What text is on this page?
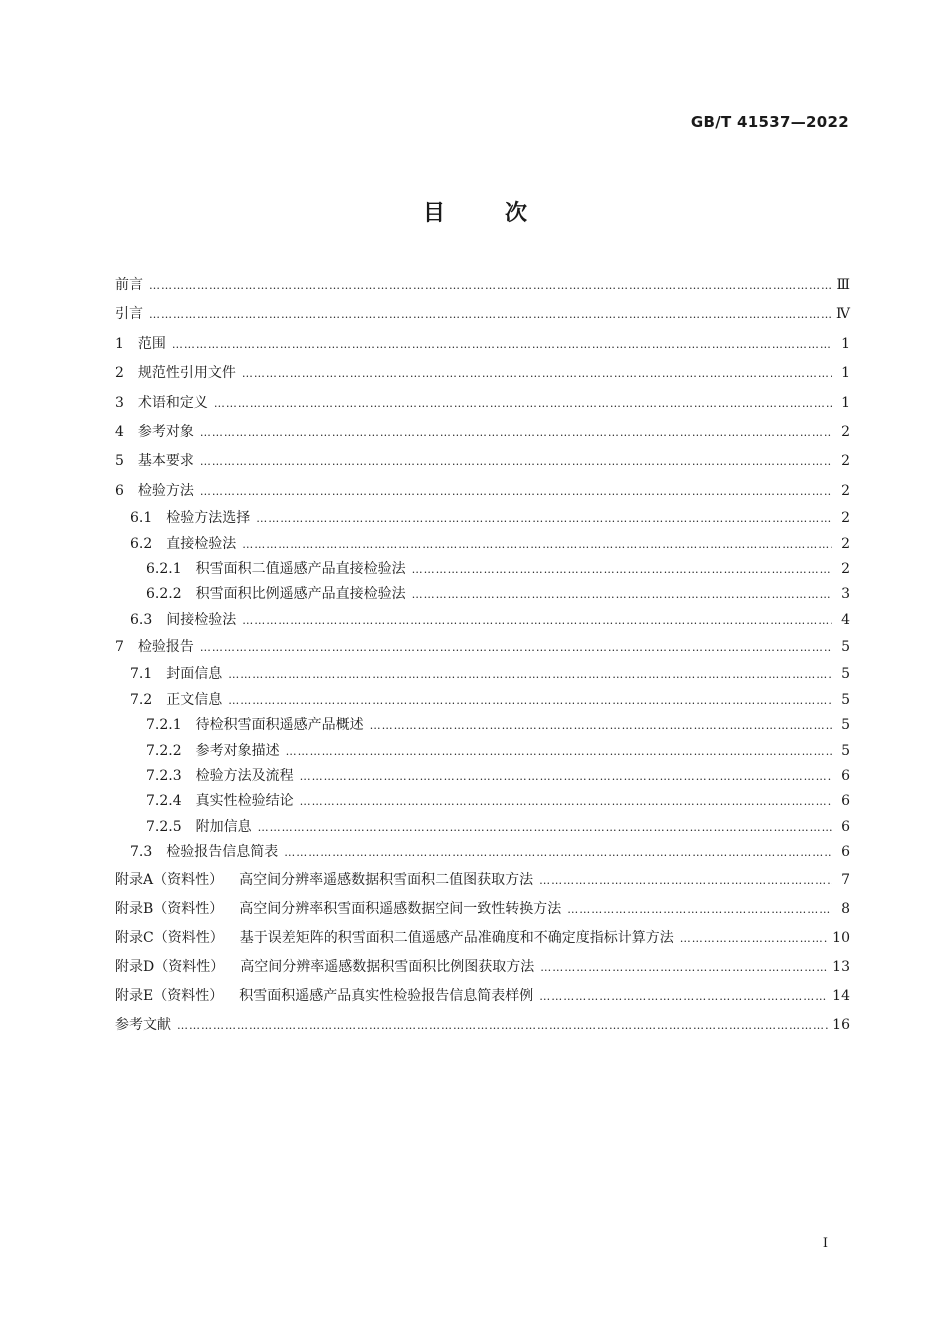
GB/T 41537—2022
目次
前言 ………………………………………………………………………………………………………………………………………………………………………………………………………………………………………………………………………………………	Ⅲ
引言 ………………………………………………………………………………………………………………………………………………………………………………………………………………………………………………………………………………………	Ⅳ
1 范围 ………………………………………………………………………………………………………………………………………………………………………………………………………………………………………………………………………………………	1
2 规范性引用文件 ………………………………………………………………………………………………………………………………………………………………………………………………………………………………………………………………………………………	1
3 术语和定义 ………………………………………………………………………………………………………………………………………………………………………………………………………………………………………………………………………………………	1
4 参考对象 ………………………………………………………………………………………………………………………………………………………………………………………………………………………………………………………………………………………	2
5 基本要求 ………………………………………………………………………………………………………………………………………………………………………………………………………………………………………………………………………………………	2
6 检验方法 ………………………………………………………………………………………………………………………………………………………………………………………………………………………………………………………………………………………	2
6.1 检验方法选择 ………………………………………………………………………………………………………………………………………………………………………………………………………………………………………………………………………………………	2
6.2 直接检验法 ………………………………………………………………………………………………………………………………………………………………………………………………………………………………………………………………………………………	2
6.2.1 积雪面积二值遥感产品直接检验法 ………………………………………………………………………………………………………………………………………………………………………………………………………………………………………………………………………………………	2
6.2.2 积雪面积比例遥感产品直接检验法 ………………………………………………………………………………………………………………………………………………………………………………………………………………………………………………………………………………………	3
6.3 间接检验法 ………………………………………………………………………………………………………………………………………………………………………………………………………………………………………………………………………………………	4
7 检验报告 ………………………………………………………………………………………………………………………………………………………………………………………………………………………………………………………………………………………	5
7.1 封面信息 ………………………………………………………………………………………………………………………………………………………………………………………………………………………………………………………………………………………	5
7.2 正文信息 ………………………………………………………………………………………………………………………………………………………………………………………………………………………………………………………………………………………	5
7.2.1 待检积雪面积遥感产品概述 ………………………………………………………………………………………………………………………………………………………………………………………………………………………………………………………………………………………	5
7.2.2 参考对象描述 ………………………………………………………………………………………………………………………………………………………………………………………………………………………………………………………………………………………	5
7.2.3 检验方法及流程 ………………………………………………………………………………………………………………………………………………………………………………………………………………………………………………………………………………………	6
7.2.4 真实性检验结论 ………………………………………………………………………………………………………………………………………………………………………………………………………………………………………………………………………………………	6
7.2.5 附加信息 ………………………………………………………………………………………………………………………………………………………………………………………………………………………………………………………………………………………	6
7.3 检验报告信息简表 ………………………………………………………………………………………………………………………………………………………………………………………………………………………………………………………………………………………	6
附录A（资料性） 高空间分辨率遥感数据积雪面积二值图获取方法 ………………………………………………………………………………………………………………………………………………………………………………………………………………………………………………………………………………………	7
附录B（资料性） 高空间分辨率积雪面积遥感数据空间一致性转换方法 ………………………………………………………………………………………………………………………………………………………………………………………………………………………………………………………………………………………	8
附录C（资料性） 基于误差矩阵的积雪面积二值遥感产品准确度和不确定度指标计算方法 ………………………………………………………………………………………………………………………………………………………………………………………………………………………………………………………………………………………	10
附录D（资料性） 高空间分辨率遥感数据积雪面积比例图获取方法 ………………………………………………………………………………………………………………………………………………………………………………………………………………………………………………………………………………………	13
附录E（资料性） 积雪面积遥感产品真实性检验报告信息简表样例 ………………………………………………………………………………………………………………………………………………………………………………………………………………………………………………………………………………………	14
参考文献 ………………………………………………………………………………………………………………………………………………………………………………………………………………………………………………………………………………………	16
I
